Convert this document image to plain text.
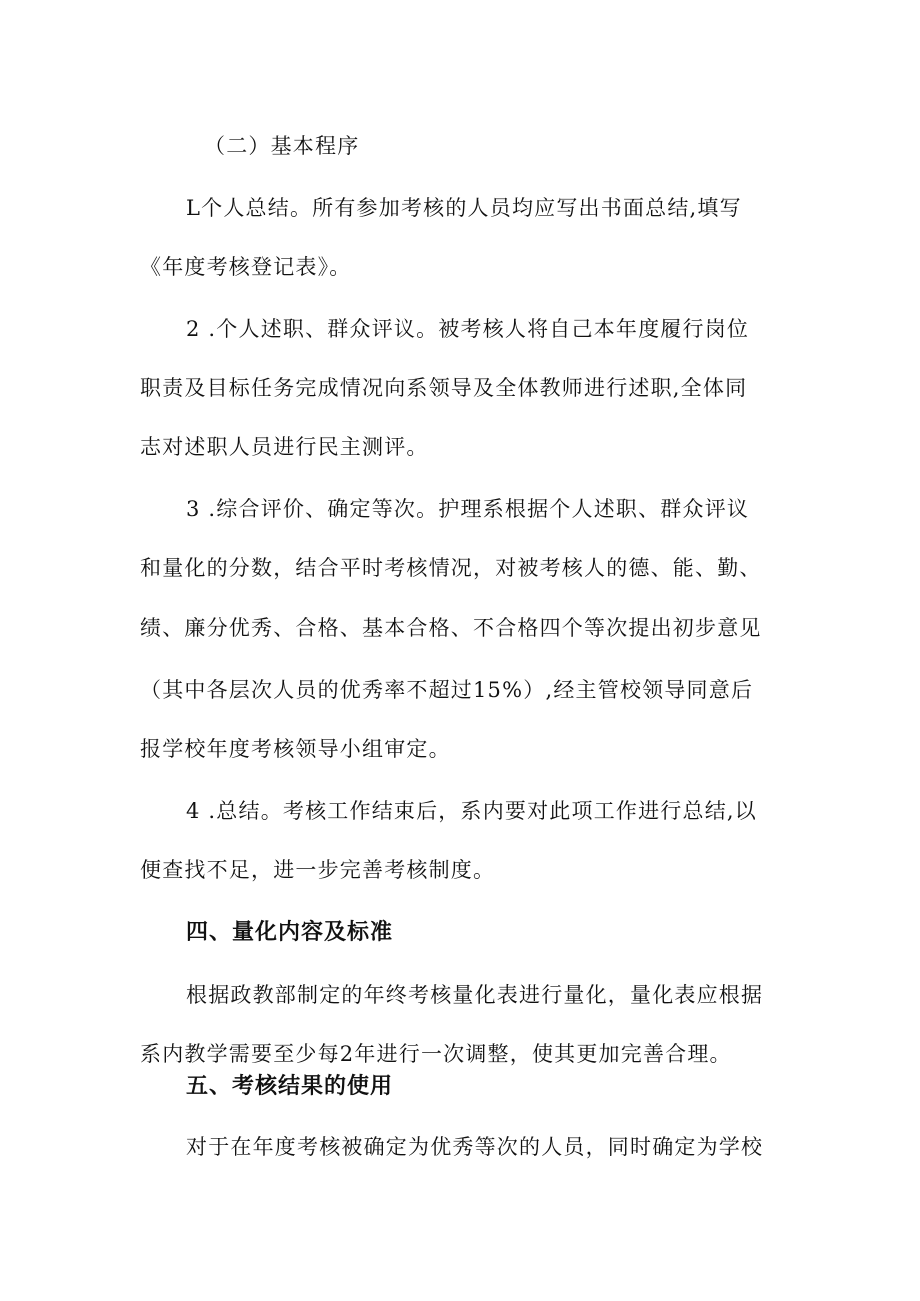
（二）基本程序
L个人总结。所有参加考核的人员均应写出书面总结,填写
《年度考核登记表》。
2 .个人述职、群众评议。被考核人将自己本年度履行岗位
职责及目标任务完成情况向系领导及全体教师进行述职,全体同
志对述职人员进行民主测评。
3 .综合评价、确定等次。护理系根据个人述职、群众评议
和量化的分数，结合平时考核情况，对被考核人的德、能、勤、
绩、廉分优秀、合格、基本合格、不合格四个等次提出初步意见
（其中各层次人员的优秀率不超过15%）,经主管校领导同意后
报学校年度考核领导小组审定。
4 .总结。考核工作结束后，系内要对此项工作进行总结,以
便查找不足，进一步完善考核制度。
四、量化内容及标准
根据政教部制定的年终考核量化表进行量化，量化表应根据
系内教学需要至少每2年进行一次调整，使其更加完善合理。
五、考核结果的使用
对于在年度考核被确定为优秀等次的人员，同时确定为学校
